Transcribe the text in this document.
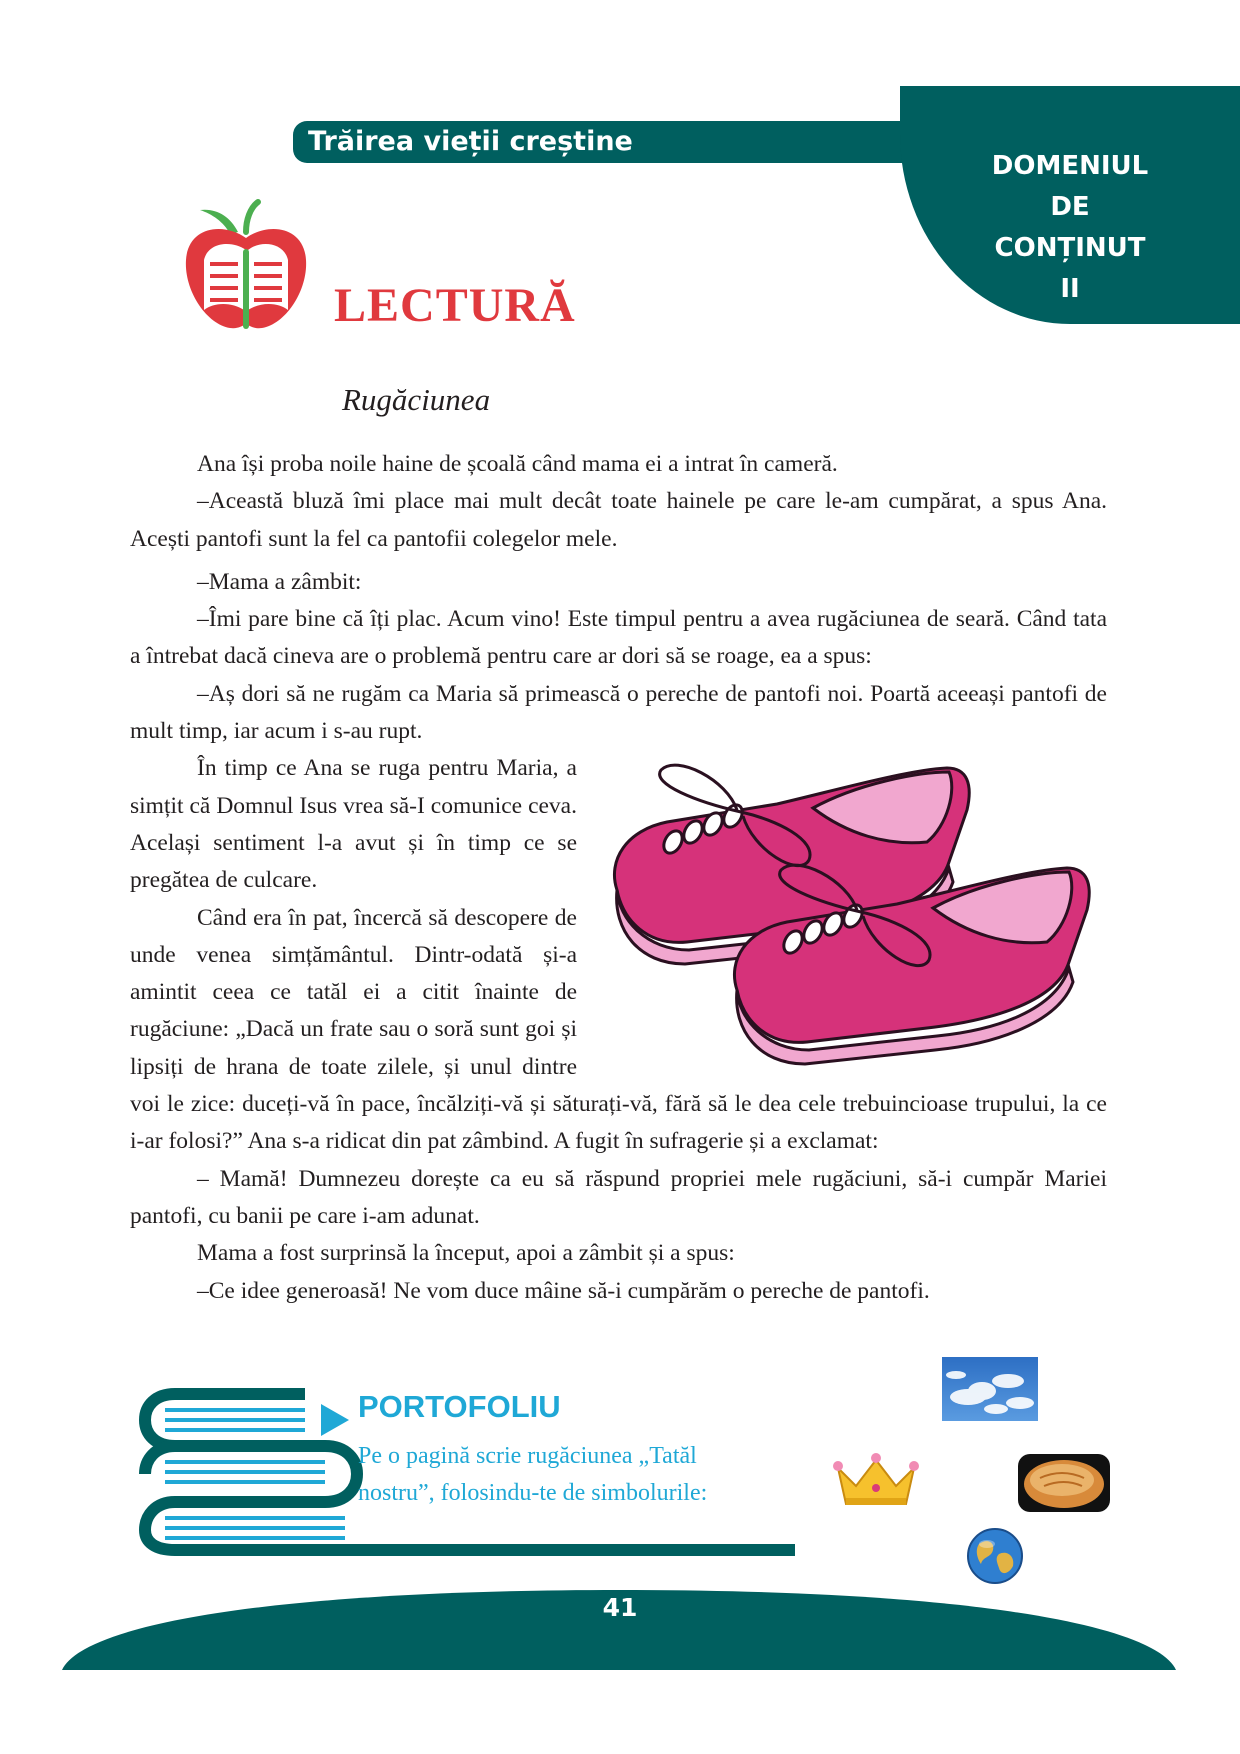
Trăirea vieții creștine
DOMENIUL
DE
CONȚINUT
II
LECTURĂ
Rugăciunea

Ana își proba noile haine de școală când mama ei a intrat în cameră.

–Această bluză îmi place mai mult decât toate hainele pe care le-am cumpărat, a spus Ana. Acești pantofi sunt la fel ca pantofii colegelor mele.

–Mama a zâmbit:

–Îmi pare bine că îți plac. Acum vino! Este timpul pentru a avea rugăciunea de seară. Când tata a întrebat dacă cineva are o problemă pentru care ar dori să se roage, ea a spus:

–Aș dori să ne rugăm ca Maria să primească o pereche de pantofi noi. Poartă aceeași pantofi de mult timp, iar acum i s-au rupt.

În timp ce Ana se ruga pentru Maria, a simțit că Domnul Isus vrea să-I comunice ceva. Același sentiment l-a avut și în timp ce se pregătea de culcare.

Când era în pat, încercă să descopere de unde venea simțământul. Dintr-odată și-a amintit ceea ce tatăl ei a citit înainte de rugăciune: „Dacă un frate sau o soră sunt goi și lipsiți de hrana de toate zilele, și unul dintre voi le zice: duceți-vă în pace, încălziți-vă și săturați-vă, fără să le dea cele trebuincioase trupului, la ce i-ar folosi?” Ana s-a ridicat din pat zâmbind. A fugit în sufragerie și a exclamat:

– Mamă! Dumnezeu dorește ca eu să răspund propriei mele rugăciuni, să-i cumpăr Mariei pantofi, cu banii pe care i-am adunat.

Mama a fost surprinsă la început, apoi a zâmbit și a spus:

–Ce idee generoasă! Ne vom duce mâine să-i cumpărăm o pereche de pantofi.

PORTOFOLIU
Pe o pagină scrie rugăciunea „Tatăl nostru”, folosindu-te de simbolurile:
41
